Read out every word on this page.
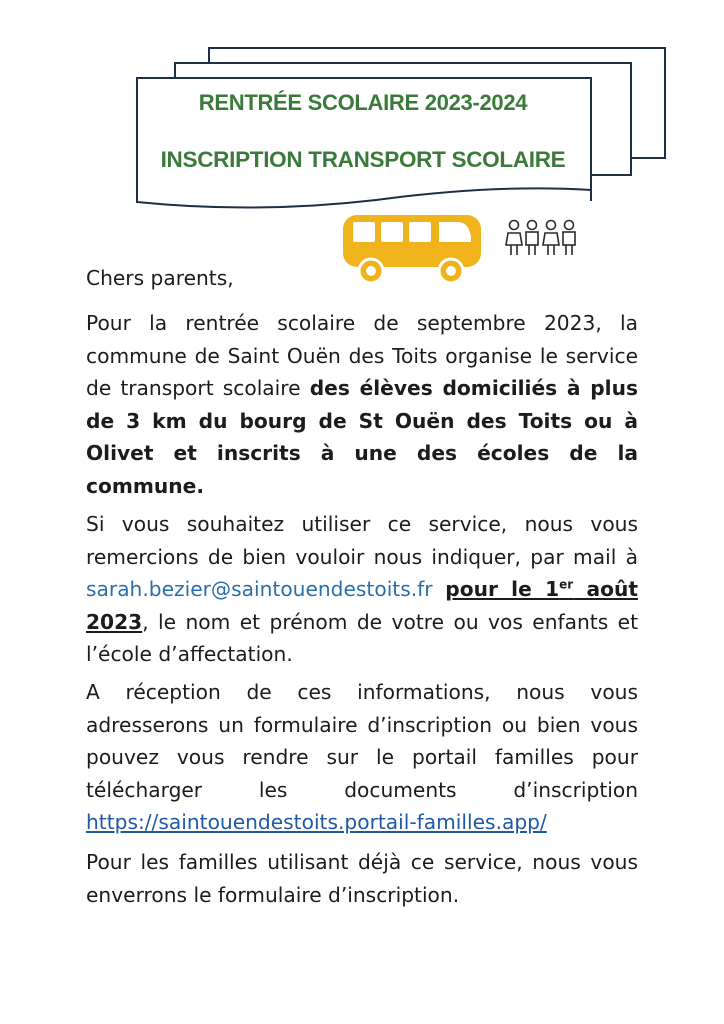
RENTRÉE SCOLAIRE 2023-2024
INSCRIPTION TRANSPORT SCOLAIRE
Chers parents,
Pour la rentrée scolaire de septembre 2023, la commune de Saint Ouën des Toits organise le service de transport scolaire des élèves domiciliés à plus de 3 km du bourg de St Ouën des Toits ou à Olivet et inscrits à une des écoles de la commune.
Si vous souhaitez utiliser ce service, nous vous remercions de bien vouloir nous indiquer, par mail à sarah.bezier@saintouendestoits.fr pour le 1er août 2023, le nom et prénom de votre ou vos enfants et l’école d’affectation.
A réception de ces informations, nous vous adresserons un formulaire d’inscription ou bien vous pouvez vous rendre sur le portail familles pour télécharger les documents d’inscription
https://saintouendestoits.portail-familles.app/
Pour les familles utilisant déjà ce service, nous vous enverrons le formulaire d’inscription.
